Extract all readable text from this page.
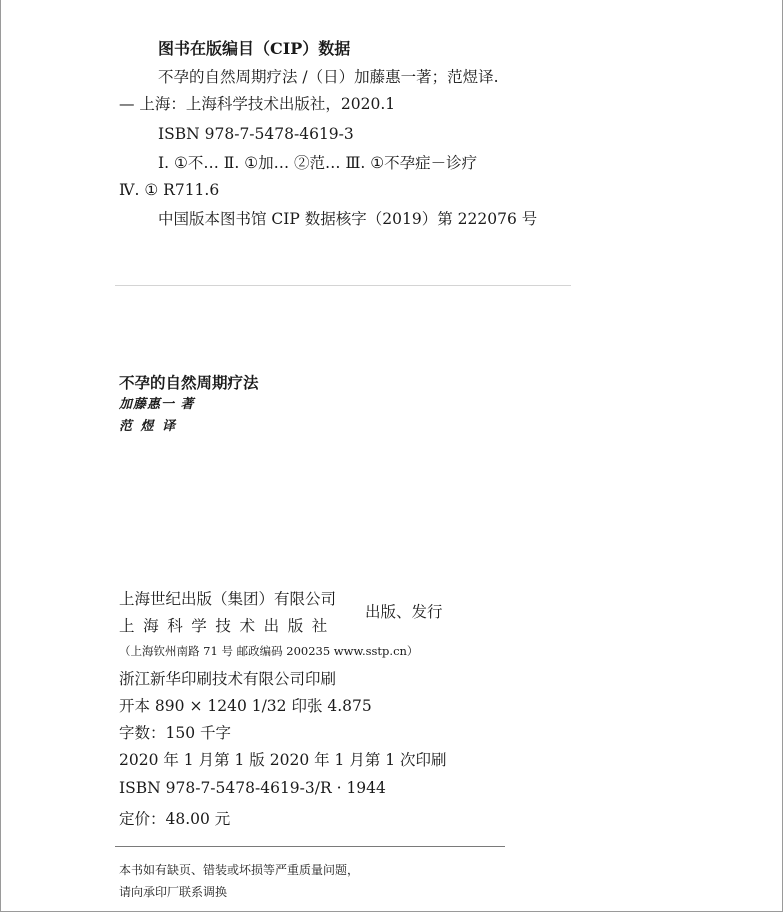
图书在版编目（CIP）数据
不孕的自然周期疗法 /（日）加藤惠一著；范煜译.
— 上海：上海科学技术出版社，2020.1
ISBN 978-7-5478-4619-3
Ⅰ. ①不… Ⅱ. ①加… ②范… Ⅲ. ①不孕症－诊疗
Ⅳ. ① R711.6
中国版本图书馆 CIP 数据核字（2019）第 222076 号
不孕的自然周期疗法
加藤惠一 著
范 煜 译
上海世纪出版（集团）有限公司
上海科学技术出版社
出版、发行
（上海钦州南路 71 号 邮政编码 200235 www.sstp.cn）
浙江新华印刷技术有限公司印刷
开本 890 × 1240 1/32 印张 4.875
字数：150 千字
2020 年 1 月第 1 版 2020 年 1 月第 1 次印刷
ISBN 978-7-5478-4619-3/R · 1944
定价：48.00 元
本书如有缺页、错装或坏损等严重质量问题，
请向承印厂联系调换
